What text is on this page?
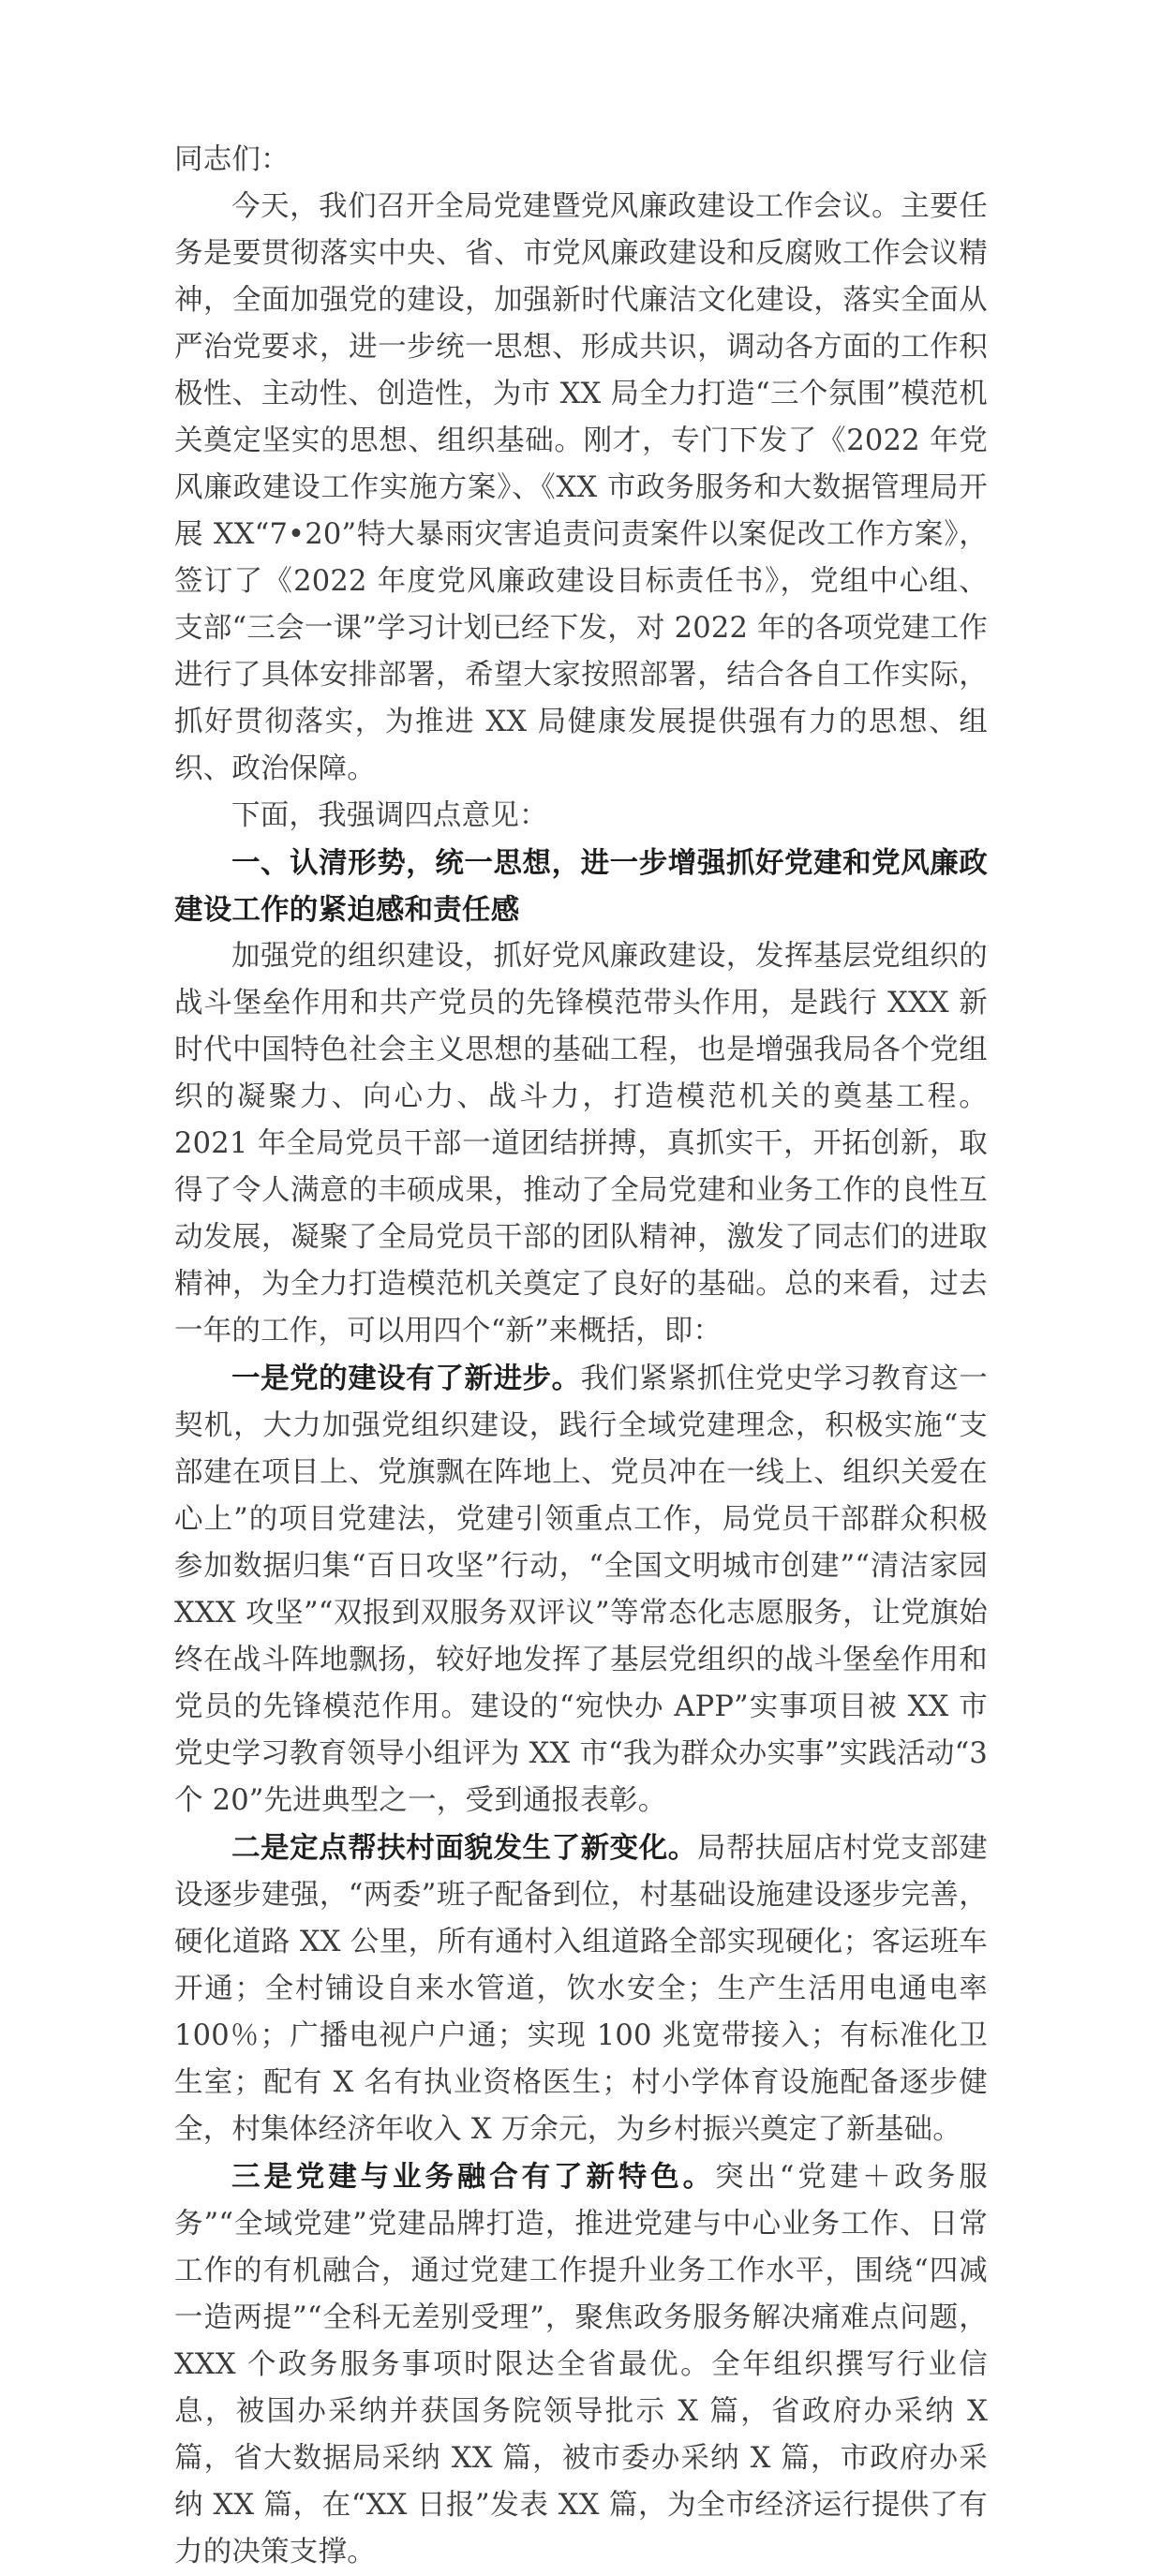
同志们：

今天，我们召开全局党建暨党风廉政建设工作会议。主要任务是要贯彻落实中央、省、市党风廉政建设和反腐败工作会议精神，全面加强党的建设，加强新时代廉洁文化建设，落实全面从严治党要求，进一步统一思想、形成共识，调动各方面的工作积极性、主动性、创造性，为市 XX 局全力打造“三个氛围”模范机关奠定坚实的思想、组织基础。刚才，专门下发了《2022 年党风廉政建设工作实施方案》、《XX 市政务服务和大数据管理局开展 XX“7•20”特大暴雨灾害追责问责案件以案促改工作方案》，签订了《2022 年度党风廉政建设目标责任书》，党组中心组、支部“三会一课”学习计划已经下发，对 2022 年的各项党建工作进行了具体安排部署，希望大家按照部署，结合各自工作实际，抓好贯彻落实，为推进 XX 局健康发展提供强有力的思想、组织、政治保障。

下面，我强调四点意见：

一、认清形势，统一思想，进一步增强抓好党建和党风廉政建设工作的紧迫感和责任感

加强党的组织建设，抓好党风廉政建设，发挥基层党组织的战斗堡垒作用和共产党员的先锋模范带头作用，是践行 XXX 新时代中国特色社会主义思想的基础工程，也是增强我局各个党组织的凝聚力、向心力、战斗力，打造模范机关的奠基工程。2021 年全局党员干部一道团结拼搏，真抓实干，开拓创新，取得了令人满意的丰硕成果，推动了全局党建和业务工作的良性互动发展，凝聚了全局党员干部的团队精神，激发了同志们的进取精神，为全力打造模范机关奠定了良好的基础。总的来看，过去一年的工作，可以用四个“新”来概括，即：

一是党的建设有了新进步。我们紧紧抓住党史学习教育这一契机，大力加强党组织建设，践行全域党建理念，积极实施“支部建在项目上、党旗飘在阵地上、党员冲在一线上、组织关爱在心上”的项目党建法，党建引领重点工作，局党员干部群众积极参加数据归集“百日攻坚”行动，“全国文明城市创建”“清洁家园 XXX 攻坚”“双报到双服务双评议”等常态化志愿服务，让党旗始终在战斗阵地飘扬，较好地发挥了基层党组织的战斗堡垒作用和党员的先锋模范作用。建设的“宛快办 APP”实事项目被 XX 市党史学习教育领导小组评为 XX 市“我为群众办实事”实践活动“3 个 20”先进典型之一，受到通报表彰。

二是定点帮扶村面貌发生了新变化。局帮扶屈店村党支部建设逐步建强，“两委”班子配备到位，村基础设施建设逐步完善，硬化道路 XX 公里，所有通村入组道路全部实现硬化；客运班车开通；全村铺设自来水管道，饮水安全；生产生活用电通电率 100％；广播电视户户通；实现 100 兆宽带接入；有标准化卫生室；配有 X 名有执业资格医生；村小学体育设施配备逐步健全，村集体经济年收入 X 万余元，为乡村振兴奠定了新基础。

三是党建与业务融合有了新特色。突出“党建＋政务服务”“全域党建”党建品牌打造，推进党建与中心业务工作、日常工作的有机融合，通过党建工作提升业务工作水平，围绕“四减一造两提”“全科无差别受理”，聚焦政务服务解决痛难点问题，XXX 个政务服务事项时限达全省最优。全年组织撰写行业信息，被国办采纳并获国务院领导批示 X 篇，省政府办采纳 X 篇，省大数据局采纳 XX 篇，被市委办采纳 X 篇，市政府办采纳 XX 篇，在“XX 日报”发表 XX 篇，为全市经济运行提供了有力的决策支撑。
